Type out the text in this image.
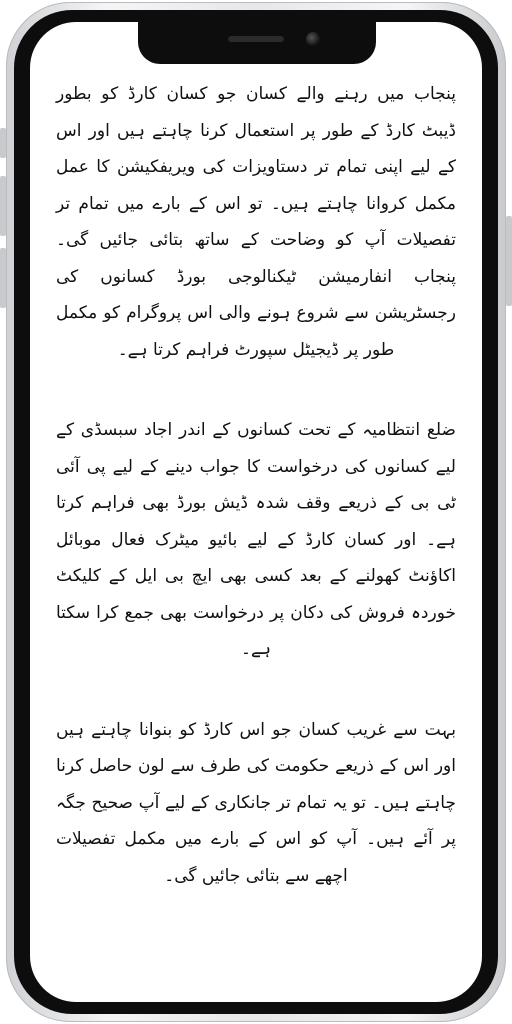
پنجاب میں رہنے والے کسان جو کسان کارڈ کو بطور ڈیبٹ کارڈ کے طور پر استعمال کرنا چاہتے ہیں اور اس کے لیے اپنی تمام تر دستاویزات کی ویریفکیشن کا عمل مکمل کروانا چاہتے ہیں۔ تو اس کے بارے میں تمام تر تفصیلات آپ کو وضاحت کے ساتھ بتائی جائیں گی۔ پنجاب انفارمیشن ٹیکنالوجی بورڈ کسانوں کی رجسٹریشن سے شروع ہونے والی اس پروگرام کو مکمل طور پر ڈیجیٹل سپورٹ فراہم کرتا ہے۔

ضلع انتظامیہ کے تحت کسانوں کے اندر اجاد سبسڈی کے لیے کسانوں کی درخواست کا جواب دینے کے لیے پی آئی ٹی بی کے ذریعے وقف شدہ ڈیش بورڈ بھی فراہم کرتا ہے۔ اور کسان کارڈ کے لیے بائیو میٹرک فعال موبائل اکاؤنٹ کھولنے کے بعد کسی بھی ایچ بی ایل کے کلیکٹ خوردہ فروش کی دکان پر درخواست بھی جمع کرا سکتا ہے۔

بہت سے غریب کسان جو اس کارڈ کو بنوانا چاہتے ہیں اور اس کے ذریعے حکومت کی طرف سے لون حاصل کرنا چاہتے ہیں۔ تو یہ تمام تر جانکاری کے لیے آپ صحیح جگہ پر آئے ہیں۔ آپ کو اس کے بارے میں مکمل تفصیلات اچھے سے بتائی جائیں گی۔
